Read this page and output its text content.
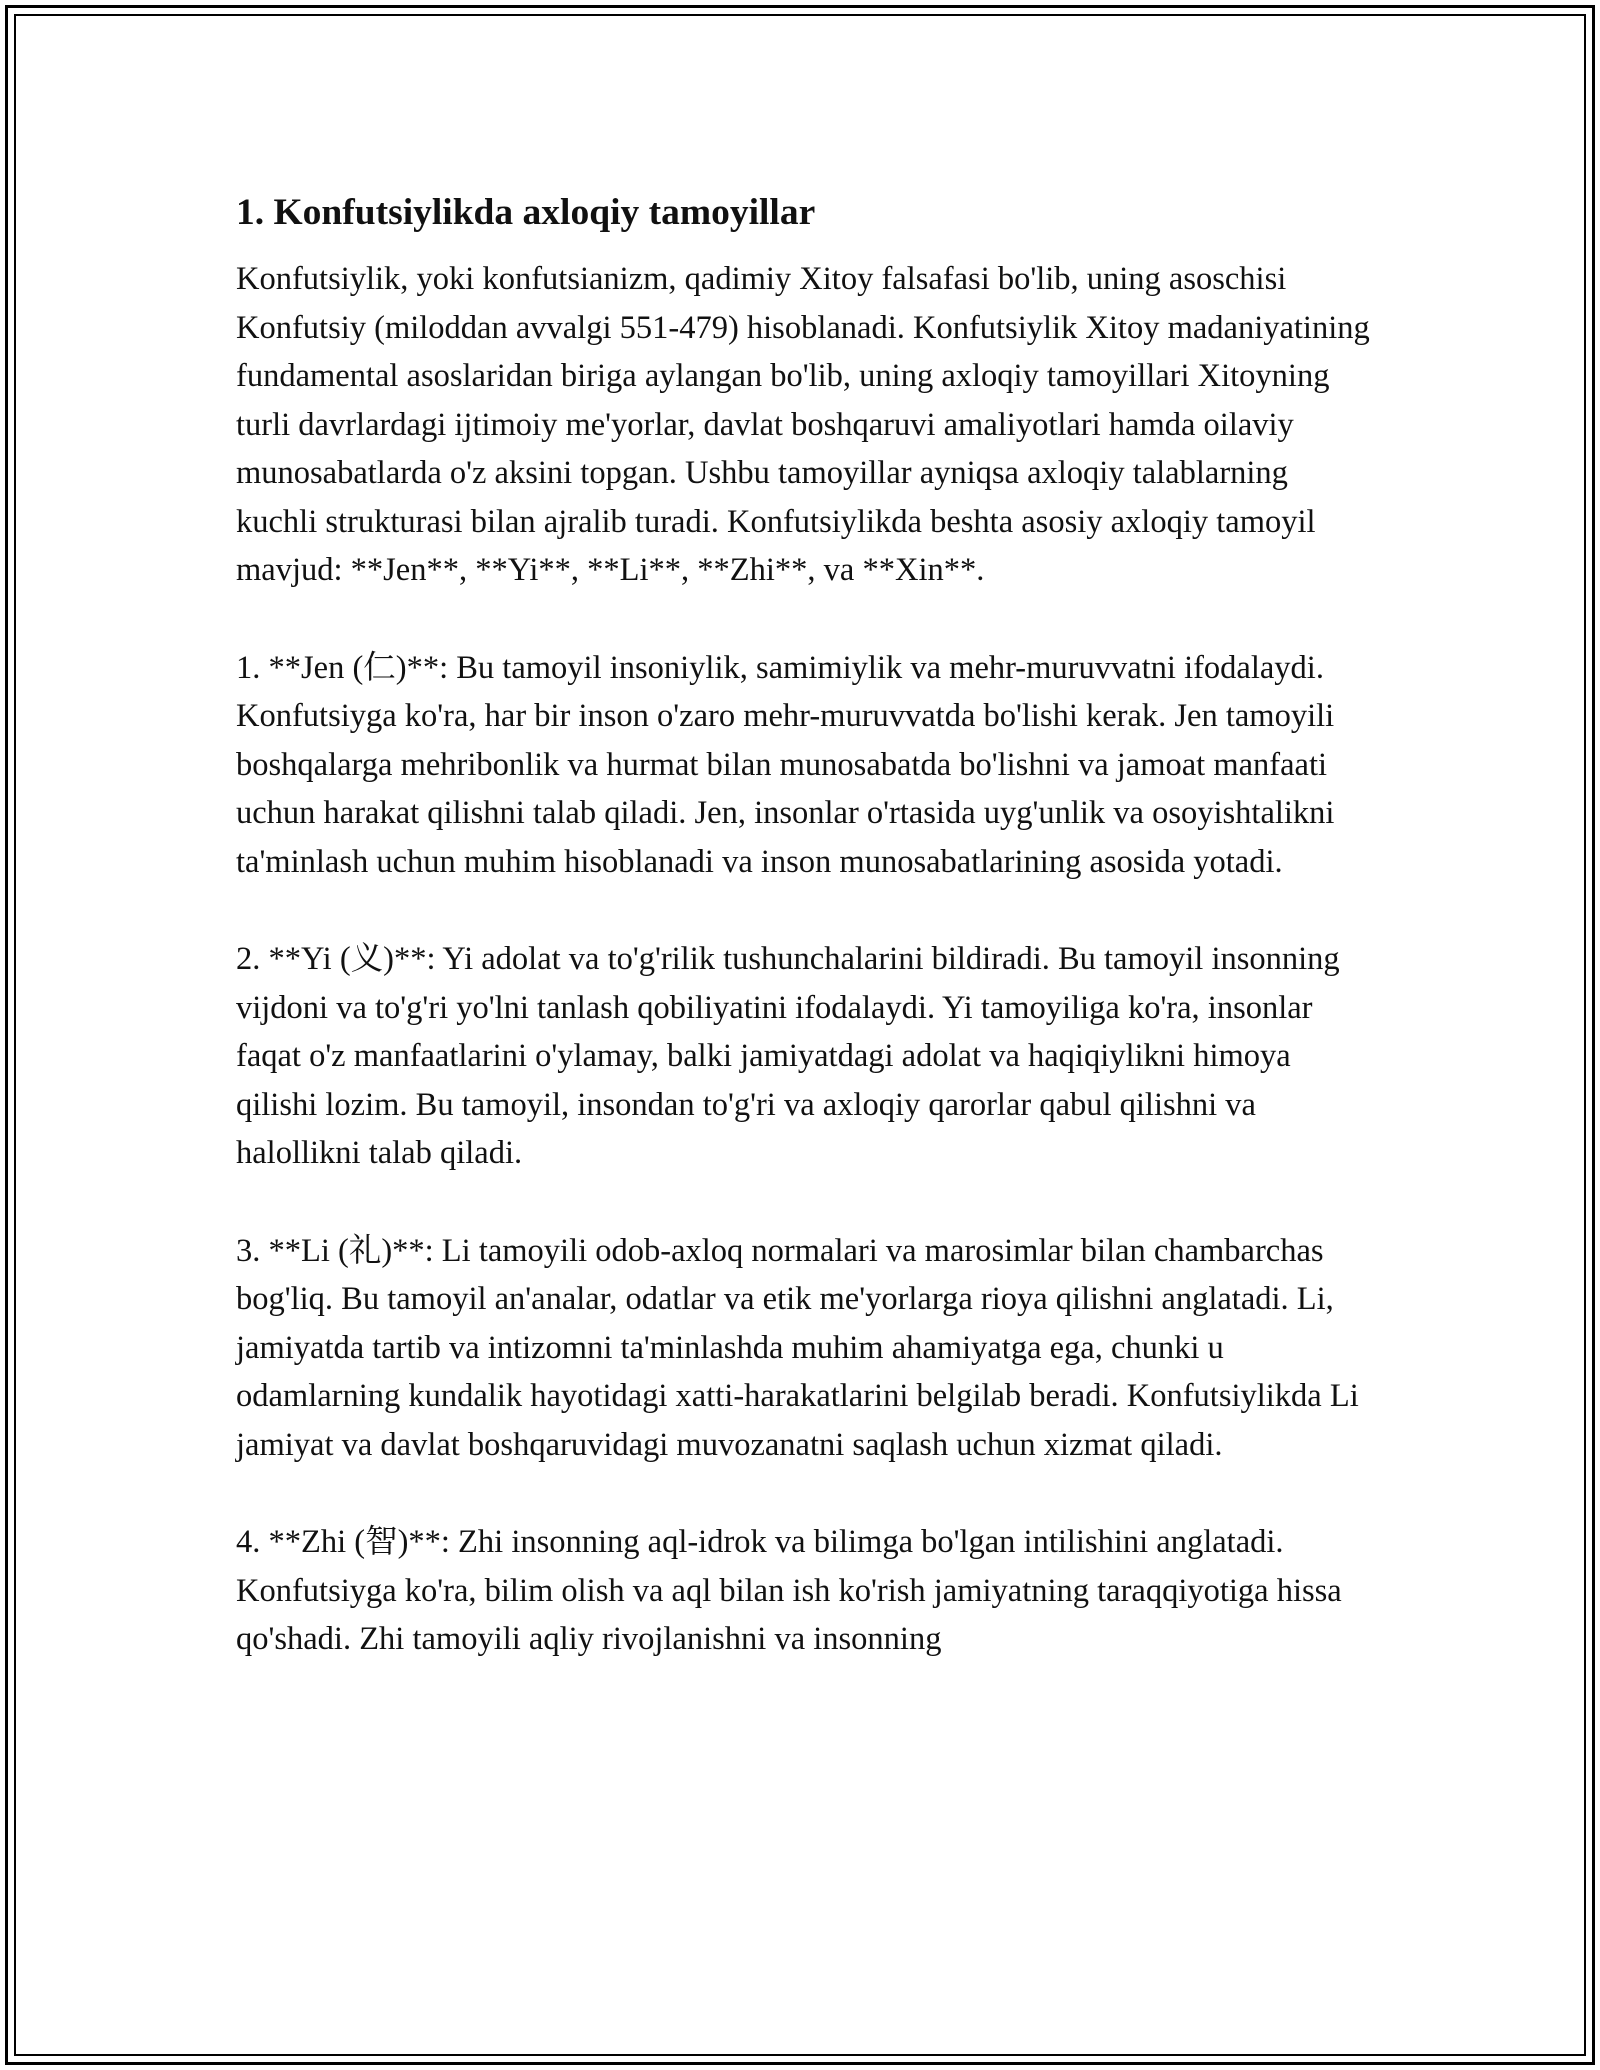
1. Konfutsiylikda axloqiy tamoyillar

Konfutsiylik, yoki konfutsianizm, qadimiy Xitoy falsafasi bo'lib, uning asoschisi Konfutsiy (miloddan avvalgi 551-479) hisoblanadi. Konfutsiylik Xitoy madaniyatining fundamental asoslaridan biriga aylangan bo'lib, uning axloqiy tamoyillari Xitoyning turli davrlardagi ijtimoiy me'yorlar, davlat boshqaruvi amaliyotlari hamda oilaviy munosabatlarda o'z aksini topgan. Ushbu tamoyillar ayniqsa axloqiy talablarning kuchli strukturasi bilan ajralib turadi. Konfutsiylikda beshta asosiy axloqiy tamoyil mavjud: **Jen**, **Yi**, **Li**, **Zhi**, va **Xin**.

1. **Jen (仁)**: Bu tamoyil insoniylik, samimiylik va mehr-muruvvatni ifodalaydi. Konfutsiyga ko'ra, har bir inson o'zaro mehr-muruvvatda bo'lishi kerak. Jen tamoyili boshqalarga mehribonlik va hurmat bilan munosabatda bo'lishni va jamoat manfaati uchun harakat qilishni talab qiladi. Jen, insonlar o'rtasida uyg'unlik va osoyishtalikni ta'minlash uchun muhim hisoblanadi va inson munosabatlarining asosida yotadi.

2. **Yi (义)**: Yi adolat va to'g'rilik tushunchalarini bildiradi. Bu tamoyil insonning vijdoni va to'g'ri yo'lni tanlash qobiliyatini ifodalaydi. Yi tamoyiliga ko'ra, insonlar faqat o'z manfaatlarini o'ylamay, balki jamiyatdagi adolat va haqiqiylikni himoya qilishi lozim. Bu tamoyil, insondan to'g'ri va axloqiy qarorlar qabul qilishni va halollikni talab qiladi.

3. **Li (礼)**: Li tamoyili odob-axloq normalari va marosimlar bilan chambarchas bog'liq. Bu tamoyil an'analar, odatlar va etik me'yorlarga rioya qilishni anglatadi. Li, jamiyatda tartib va intizomni ta'minlashda muhim ahamiyatga ega, chunki u odamlarning kundalik hayotidagi xatti-harakatlarini belgilab beradi. Konfutsiylikda Li jamiyat va davlat boshqaruvidagi muvozanatni saqlash uchun xizmat qiladi.

4. **Zhi (智)**: Zhi insonning aql-idrok va bilimga bo'lgan intilishini anglatadi. Konfutsiyga ko'ra, bilim olish va aql bilan ish ko'rish jamiyatning taraqqiyotiga hissa qo'shadi. Zhi tamoyili aqliy rivojlanishni va insonning
